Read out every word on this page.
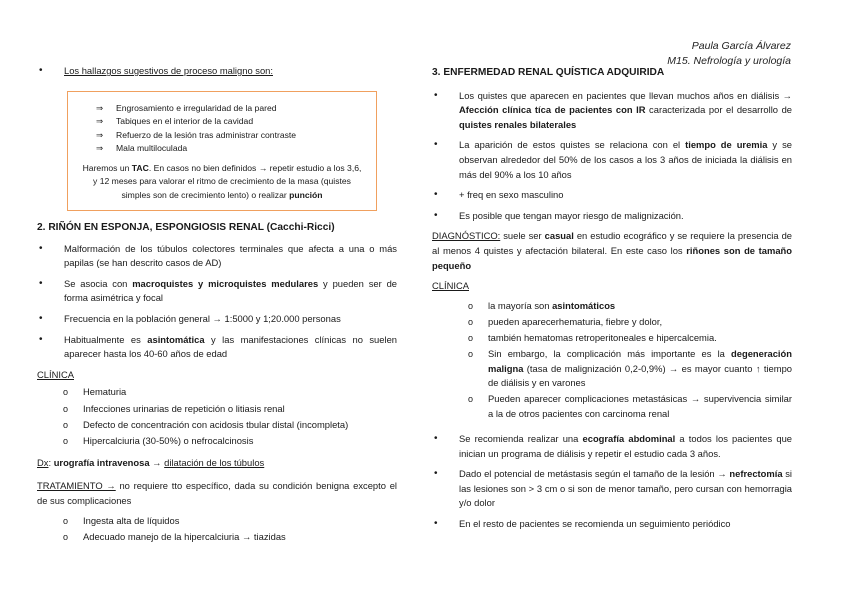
Paula García Álvarez
M15. Nefrología y urología
•	Los hallazgos sugestivos de proceso maligno son:
⇒	Engrosamiento e irregularidad de la pared
⇒	Tabiques en el interior de la cavidad
⇒	Refuerzo de la lesión tras administrar contraste
⇒	Mala multiloculada

Haremos un TAC. En casos no bien definidos → repetir estudio a los 3,6, y 12 meses para valorar el ritmo de crecimiento de la masa (quistes simples son de crecimiento lento) o realizar punción

2. RIÑÓN EN ESPONJA, ESPONGIOSIS RENAL (Cacchi-Ricci)
•	Malformación de los túbulos colectores terminales que afecta a una o más papilas (se han descrito casos de AD)
•	Se asocia con macroquistes y microquistes medulares y pueden ser de forma asimétrica y focal
•	Frecuencia en la población general → 1:5000 y 1;20.000 personas
•	Habitualmente es asintomática y las manifestaciones clínicas no suelen aparecer hasta los 40-60 años de edad

CLÍNICA

o	Hematuria
o	Infecciones urinarias de repetición o litiasis renal
o	Defecto de concentración con acidosis tbular distal (incompleta)
o	Hipercalciuria (30-50%) o nefrocalcinosis

Dx: urografía intravenosa → dilatación de los túbulos

TRATAMIENTO → no requiere tto específico, dada su condición benigna excepto el de sus complicaciones

o	Ingesta alta de líquidos
o	Adecuado manejo de la hipercalciuria → tiazidas
3. ENFERMEDAD RENAL QUÍSTICA ADQUIRIDA
•	Los quistes que aparecen en pacientes que llevan muchos años en diálisis → Afección clínica tíca de pacientes con IR caracterizada por el desarrollo de quistes renales bilaterales
•	La aparición de estos quistes se relaciona con el tiempo de uremia y se observan alrededor del 50% de los casos a los 3 años de iniciada la diálisis en más del 90% a los 10 años
•	+ freq en sexo masculino
•	Es posible que tengan mayor riesgo de malignización.

DIAGNÓSTICO: suele ser casual en estudio ecográfico y se requiere la presencia de al menos 4 quistes y afectación bilateral. En este caso los riñones son de tamaño pequeño

CLÍNICA

o	la mayoría son asintomáticos
o	pueden aparecerhematuria, fiebre y dolor,
o	también hematomas retroperitoneales e hipercalcemia.
o	Sin embargo, la complicación más importante es la degeneración maligna (tasa de malignización 0,2-0,9%) → es mayor cuanto ↑ tiempo de diálisis y en varones
o	Pueden aparecer complicaciones metastásicas → supervivencia similar a la de otros pacientes con carcinoma renal
•	Se recomienda realizar una ecografía abdominal a todos los pacientes que inician un programa de diálisis y repetir el estudio cada 3 años.
•	Dado el potencial de metástasis según el tamaño de la lesión → nefrectomía si las lesiones son > 3 cm o si son de menor tamaño, pero cursan con hemorragia y/o dolor
•	En el resto de pacientes se recomienda un seguimiento periódico
